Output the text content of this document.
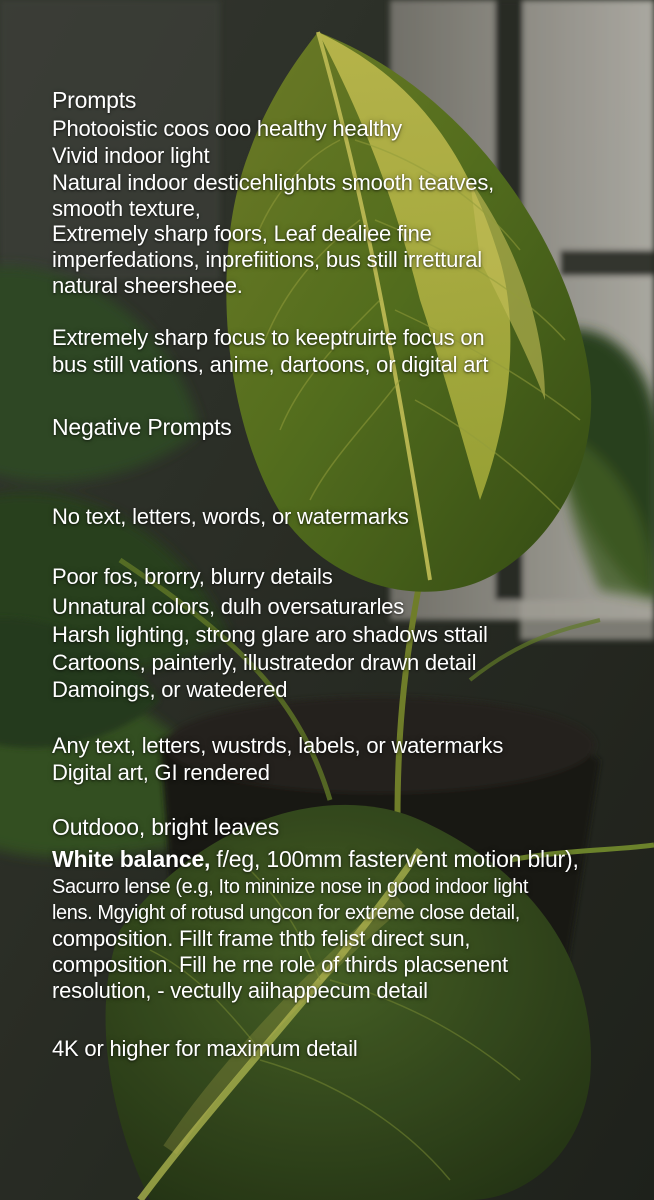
Prompts

Photooistic coos ooo healthy healthy

Vivid indoor light

Natural indoor desticehlighbts smooth teatves,

smooth texture,

Extremely sharp foors, Leaf dealiee fine

imperfedations, inprefiitions, bus still irrettural

natural sheersheee.

Extremely sharp focus to keeptruirte focus on

bus still vations, anime, dartoons, or digital art

Negative Prompts

No text, letters, words, or watermarks

Poor fos, brorry, blurry details

Unnatural colors, dulh oversaturarles

Harsh lighting, strong glare aro shadows sttail

Cartoons, painterly, illustratedor drawn detail

Damoings, or watedered

Any text, letters, wustrds, labels, or watermarks

Digital art, GI rendered

Outdooo, bright leaves

White balance, f/eg, 100mm fastervent motion blur),

Sacurro lense (e.g, Ito mininize nose in good indoor light

lens. Mgyight of rotusd ungcon for extreme close detail,

composition. Fillt frame thtb felist direct sun,

composition. Fill he rne role of thirds placsenent

resolution, - vectully aiihappecum detail

4K or higher for maximum detail
